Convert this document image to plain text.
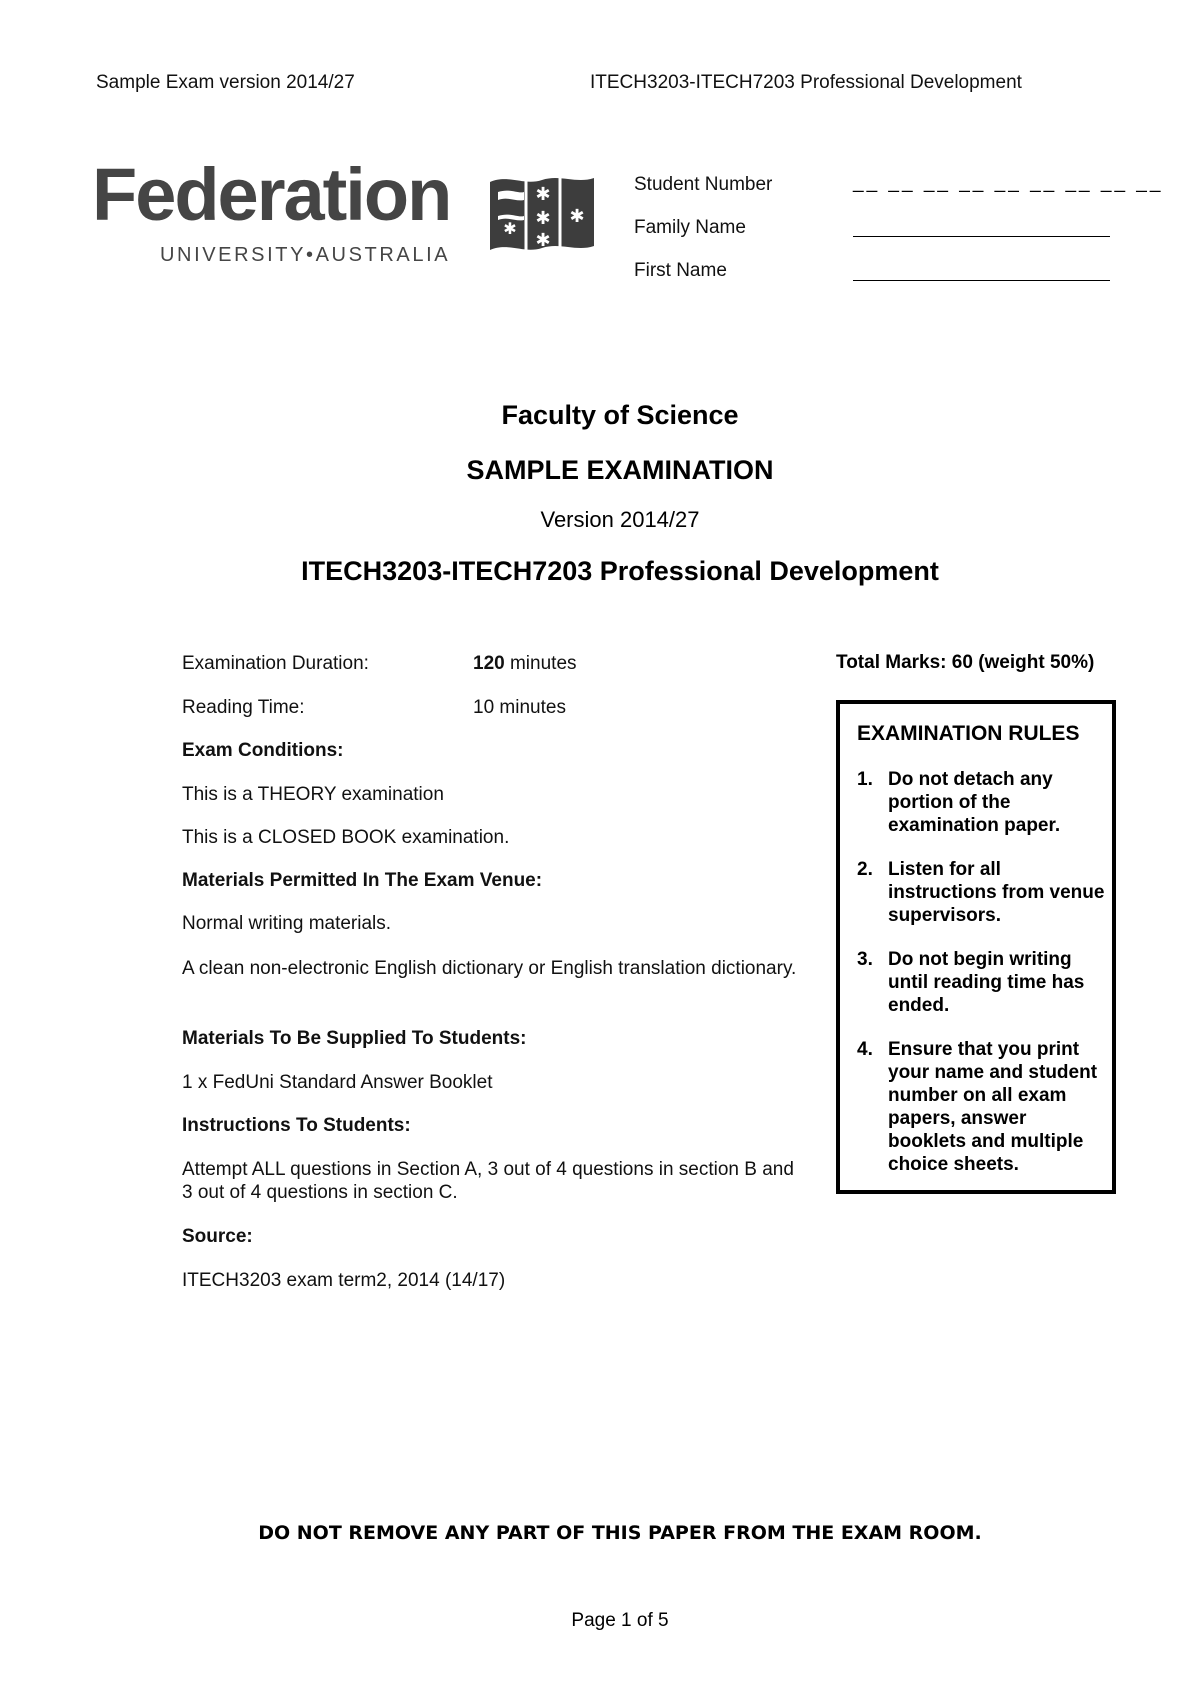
Sample Exam version 2014/27	ITECH3203-ITECH7203 Professional Development
Federation
UNIVERSITY•AUSTRALIA
✱
✱
✱
✱
✱
Student Number	__ __ __ __ __ __ __ __ __
Family Name
First Name
Faculty of Science
SAMPLE EXAMINATION
Version 2014/27
ITECH3203-ITECH7203 Professional Development
Examination Duration:	120 minutes
Reading Time:	10 minutes
Exam Conditions:
This is a THEORY examination
This is a CLOSED BOOK examination.
Materials Permitted In The Exam Venue:
Normal writing materials.
A clean non-electronic English dictionary or English translation dictionary.
Materials To Be Supplied To Students:
1 x FedUni Standard Answer Booklet
Instructions To Students:
Attempt ALL questions in Section A, 3 out of 4 questions in section B and 3 out of 4 questions in section C.
Source:
ITECH3203 exam term2, 2014 (14/17)
Total Marks: 60 (weight 50%)
EXAMINATION RULES
1. Do not detach any portion of the examination paper.
2. Listen for all instructions from venue supervisors.
3. Do not begin writing until reading time has ended.
4. Ensure that you print your name and student number on all exam papers, answer booklets and multiple choice sheets.
DO NOT REMOVE ANY PART OF THIS PAPER FROM THE EXAM ROOM.
Page 1 of 5
